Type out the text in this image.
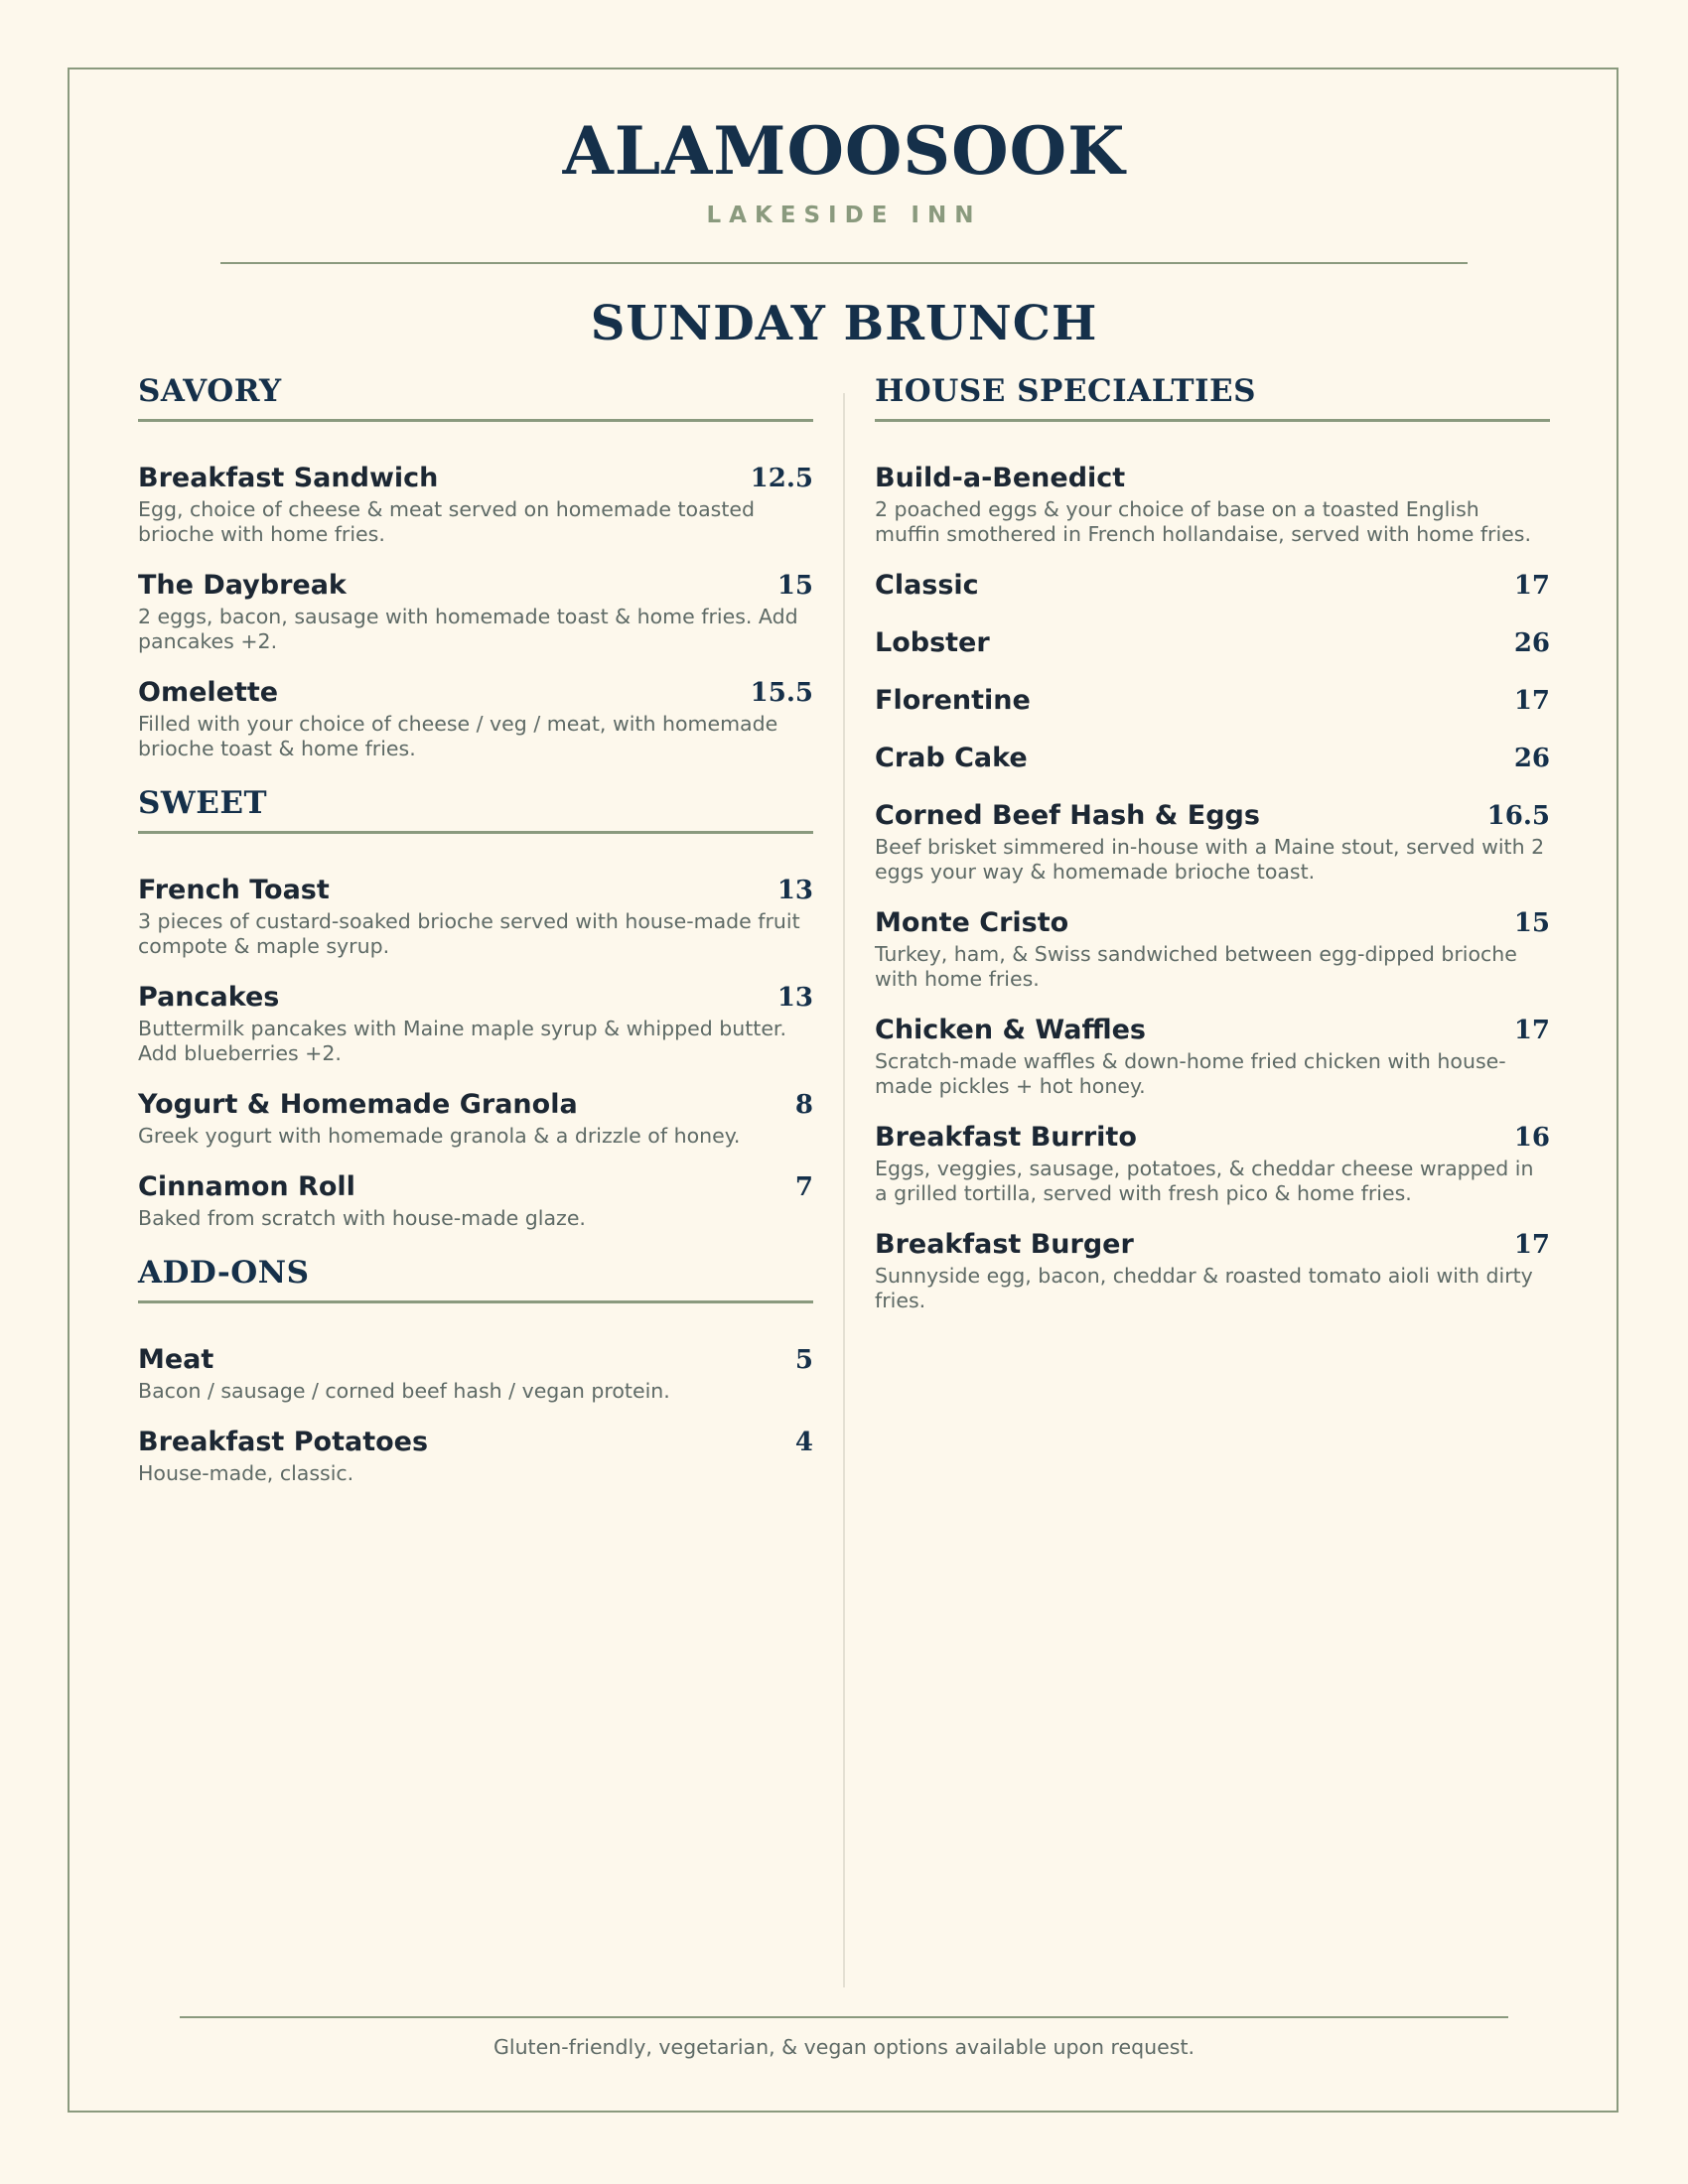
ALAMOOSOOK
LAKESIDE INN
SUNDAY BRUNCH
SAVORY
Breakfast Sandwich	12.5
Egg, choice of cheese & meat served on homemade toasted brioche with home fries.
The Daybreak	15
2 eggs, bacon, sausage with homemade toast & home fries. Add pancakes +2.
Omelette	15.5
Filled with your choice of cheese / veg / meat, with homemade brioche toast & home fries.
SWEET
French Toast	13
3 pieces of custard-soaked brioche served with house-made fruit compote & maple syrup.
Pancakes	13
Buttermilk pancakes with Maine maple syrup & whipped butter. Add blueberries +2.
Yogurt & Homemade Granola	8
Greek yogurt with homemade granola & a drizzle of honey.
Cinnamon Roll	7
Baked from scratch with house-made glaze.
ADD-ONS
Meat	5
Bacon / sausage / corned beef hash / vegan protein.
Breakfast Potatoes	4
House-made, classic.
HOUSE SPECIALTIES
Build-a-Benedict
2 poached eggs & your choice of base on a toasted English muffin smothered in French hollandaise, served with home fries.
Classic	17
Lobster	26
Florentine	17
Crab Cake	26
Corned Beef Hash & Eggs	16.5
Beef brisket simmered in-house with a Maine stout, served with 2 eggs your way & homemade brioche toast.
Monte Cristo	15
Turkey, ham, & Swiss sandwiched between egg-dipped brioche with home fries.
Chicken & Waffles	17
Scratch-made waffles & down-home fried chicken with house-made pickles + hot honey.
Breakfast Burrito	16
Eggs, veggies, sausage, potatoes, & cheddar cheese wrapped in a grilled tortilla, served with fresh pico & home fries.
Breakfast Burger	17
Sunnyside egg, bacon, cheddar & roasted tomato aioli with dirty fries.
Gluten-friendly, vegetarian, & vegan options available upon request.
